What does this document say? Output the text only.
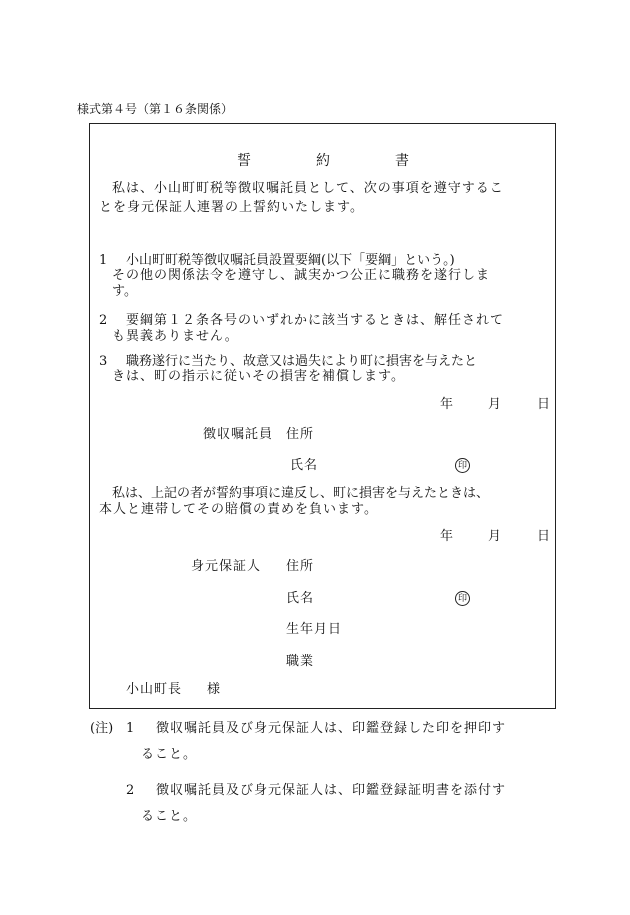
様式第４号（第１６条関係）
誓	約	書
私は、小山町町税等徴収嘱託員として、次の事項を遵守するこ
とを身元保証人連署の上誓約いたします。
1 小山町町税等徴収嘱託員設置要綱(以下「要綱」という。)
その他の関係法令を遵守し、誠実かつ公正に職務を遂行しま
す。
2 要綱第１２条各号のいずれかに該当するときは、解任されて
も異義ありません。
3 職務遂行に当たり、故意又は過失により町に損害を与えたと
きは、町の指示に従いその損害を補償します。
年	月	日
徴収嘱託員 住所
氏名	印
私は、上記の者が誓約事項に違反し、町に損害を与えたときは、
本人と連帯してその賠償の責めを負います。
年	月	日
身元保証人 住所
氏名	印
生年月日
職業
小山町長 様
(注) 1 徴収嘱託員及び身元保証人は、印鑑登録した印を押印す
ること。
2 徴収嘱託員及び身元保証人は、印鑑登録証明書を添付す
ること。
